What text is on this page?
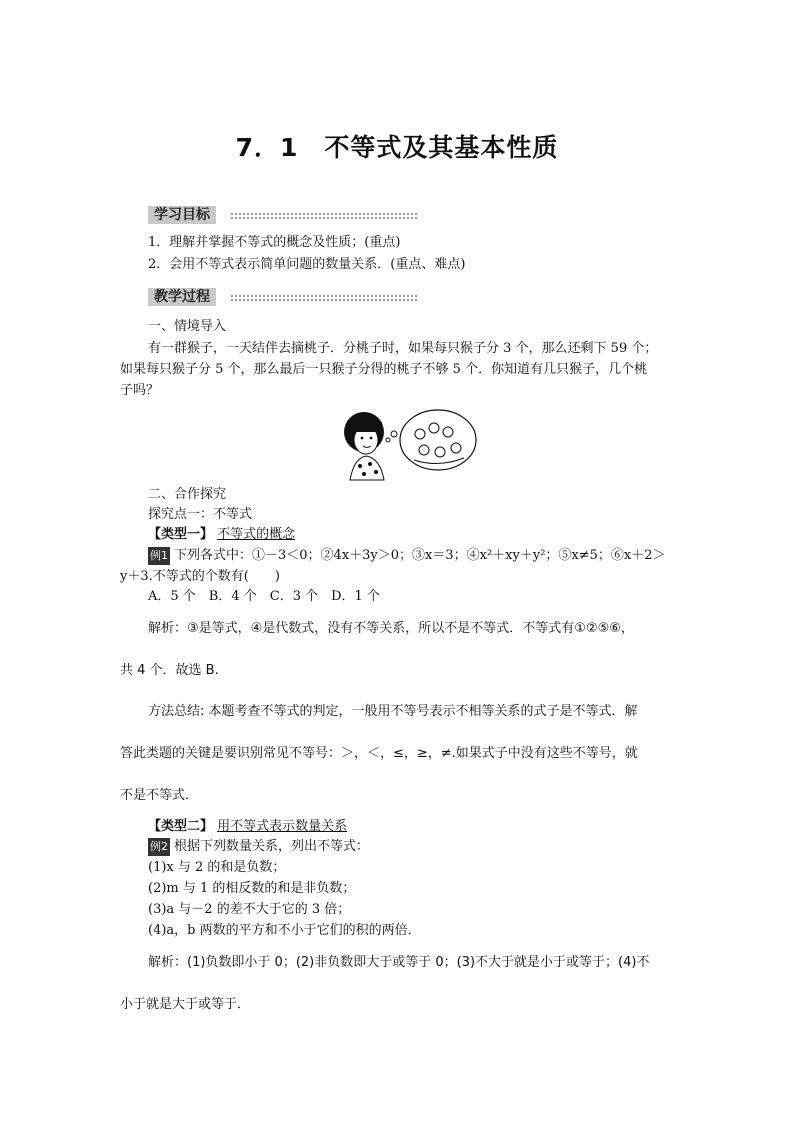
7．1　不等式及其基本性质
学习目标
1．理解并掌握不等式的概念及性质；(重点)
2．会用不等式表示简单问题的数量关系．(重点、难点)
教学过程
一、情境导入
有一群猴子，一天结伴去摘桃子．分桃子时，如果每只猴子分 3 个，那么还剩下 59 个；
如果每只猴子分 5 个，那么最后一只猴子分得的桃子不够 5 个．你知道有几只猴子，几个桃
子吗？
二、合作探究
探究点一：不等式
【类型一】 不等式的概念
例1 下列各式中：①－3＜0；②4x＋3y＞0；③x＝3；④x²＋xy＋y²；⑤x≠5；⑥x＋2＞
y＋3.不等式的个数有(　　)
A．5 个　B．4 个　C．3 个　D．1 个
解析：③是等式，④是代数式，没有不等关系，所以不是不等式．不等式有①②⑤⑥，
共 4 个．故选 B.
方法总结: 本题考查不等式的判定，一般用不等号表示不相等关系的式子是不等式．解
答此类题的关键是要识别常见不等号：＞，＜，≤，≥，≠.如果式子中没有这些不等号，就
不是不等式．
【类型二】 用不等式表示数量关系
例2 根据下列数量关系，列出不等式：
(1)x 与 2 的和是负数；
(2)m 与 1 的相反数的和是非负数；
(3)a 与－2 的差不大于它的 3 倍；
(4)a，b 两数的平方和不小于它们的积的两倍．
解析：(1)负数即小于 0；(2)非负数即大于或等于 0；(3)不大于就是小于或等于；(4)不
小于就是大于或等于．
